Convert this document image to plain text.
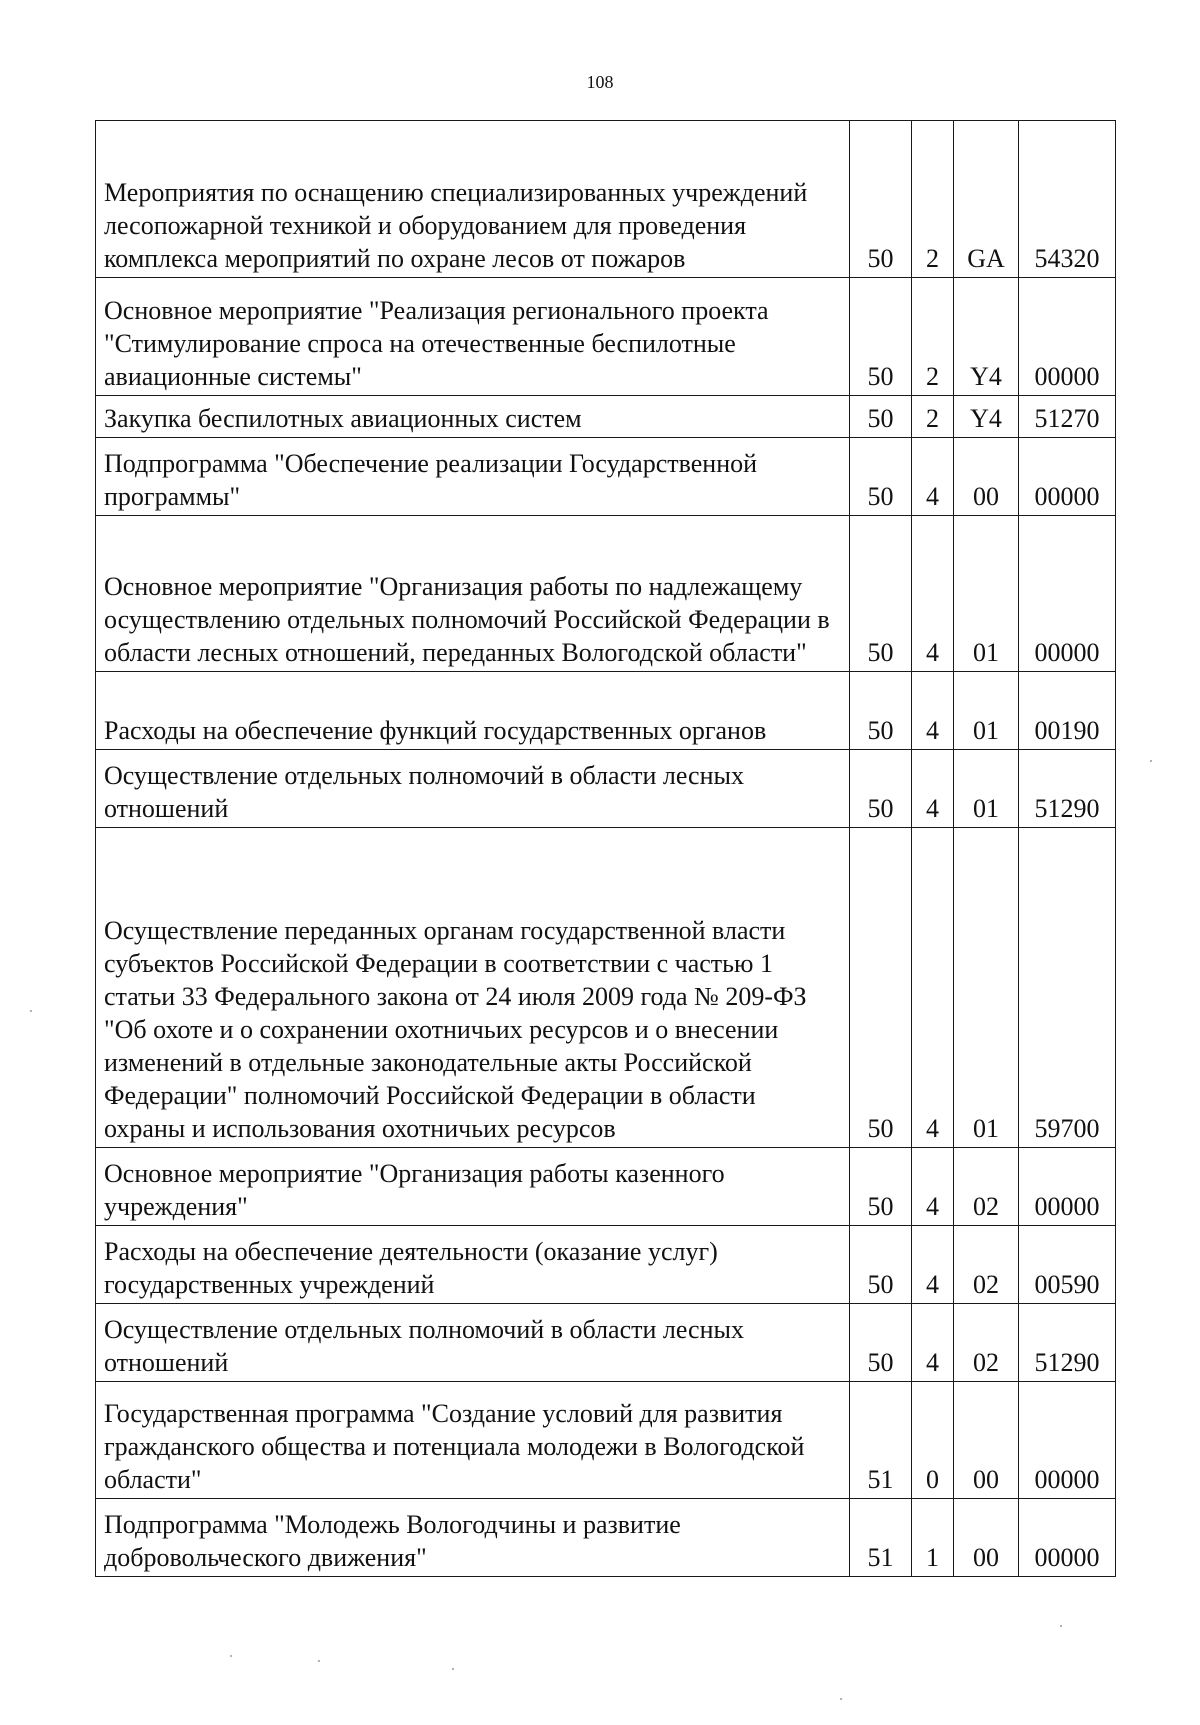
108
Мероприятия по оснащению специализированных учреждений лесопожарной техникой и оборудованием для проведения комплекса мероприятий по охране лесов от пожаров	50	2	GA	54320
Основное мероприятие "Реализация регионального проекта "Стимулирование спроса на отечественные беспилотные авиационные системы"	50	2	Y4	00000
Закупка беспилотных авиационных систем	50	2	Y4	51270
Подпрограмма "Обеспечение реализации Государственной программы"	50	4	00	00000
Основное мероприятие "Организация работы по надлежащему осуществлению отдельных полномочий Российской Федерации в области лесных отношений, переданных Вологодской области"	50	4	01	00000
Расходы на обеспечение функций государственных органов	50	4	01	00190
Осуществление отдельных полномочий в области лесных отношений	50	4	01	51290
Осуществление переданных органам государственной власти субъектов Российской Федерации в соответствии с частью 1 статьи 33 Федерального закона от 24 июля 2009 года № 209-ФЗ "Об охоте и о сохранении охотничьих ресурсов и о внесении изменений в отдельные законодательные акты Российской Федерации" полномочий Российской Федерации в области охраны и использования охотничьих ресурсов	50	4	01	59700
Основное мероприятие "Организация работы казенного учреждения"	50	4	02	00000
Расходы на обеспечение деятельности (оказание услуг) государственных учреждений	50	4	02	00590
Осуществление отдельных полномочий в области лесных отношений	50	4	02	51290
Государственная программа "Создание условий для развития гражданского общества и потенциала молодежи в Вологодской области"	51	0	00	00000
Подпрограмма "Молодежь Вологодчины и развитие добровольческого движения"	51	1	00	00000
